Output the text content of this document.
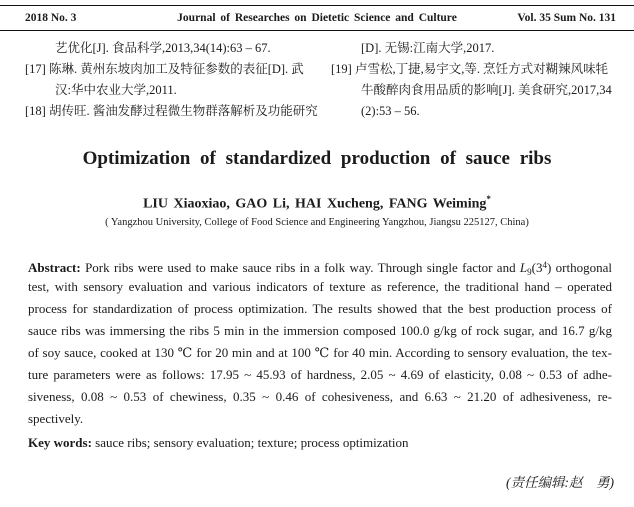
2018 No. 3	Journal of Researches on Dietetic Science and Culture	Vol. 35 Sum No. 131
艺优化[J]. 食品科学,2013,34(14):63 – 67.
[17] 陈琳. 黄州东坡肉加工及特征参数的表征[D]. 武
汉:华中农业大学,2011.
[18] 胡传旺. 酱油发酵过程微生物群落解析及功能研究
[D]. 无锡:江南大学,2017.
[19] 卢雪松,丁捷,易宇文,等. 烹饪方式对糊辣风味牦
牛酸醉肉食用品质的影响[J]. 美食研究,2017,34
(2):53 – 56.
Optimization of standardized production of sauce ribs
LIU Xiaoxiao, GAO Li, HAI Xucheng, FANG Weiming*
( Yangzhou University, College of Food Science and Engineering Yangzhou, Jiangsu 225127, China)
Abstract: Pork ribs were used to make sauce ribs in a folk way. Through single factor and $L_9(3^4)$ orthogonal
test, with sensory evaluation and various indicators of texture as reference, the traditional hand – operated
process for standardization of process optimization. The results showed that the best production process of
sauce ribs was immersing the ribs 5 min in the immersion composed 100.0 g/kg of rock sugar, and 16.7 g/kg
of soy sauce, cooked at 130 ℃ for 20 min and at 100 ℃ for 40 min. According to sensory evaluation, the tex-
ture parameters were as follows: 17.95 ~ 45.93 of hardness, 2.05 ~ 4.69 of elasticity, 0.08 ~ 0.53 of adhe-
siveness, 0.08 ~ 0.53 of chewiness, 0.35 ~ 0.46 of cohesiveness, and 6.63 ~ 21.20 of adhesiveness, re-
spectively.
Key words: sauce ribs; sensory evaluation; texture; process optimization
(责任编辑:赵　勇)
